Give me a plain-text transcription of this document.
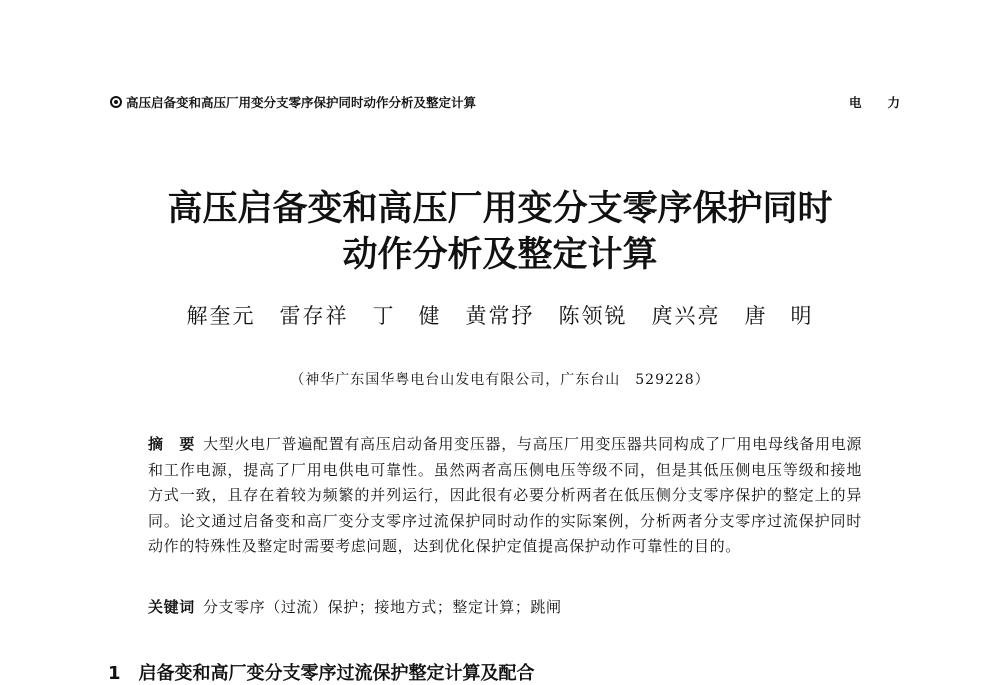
高压启备变和高压厂用变分支零序保护同时动作分析及整定计算	电力
高压启备变和高压厂用变分支零序保护同时
动作分析及整定计算
解奎元 雷存祥 丁　健 黄常抒 陈领锐 庹兴亮 唐　明
（神华广东国华粤电台山发电有限公司，广东台山　529228）
摘　要 大型火电厂普遍配置有高压启动备用变压器，与高压厂用变压器共同构成了厂用电母线备用电源和工作电源，提高了厂用电供电可靠性。虽然两者高压侧电压等级不同，但是其低压侧电压等级和接地方式一致，且存在着较为频繁的并列运行，因此很有必要分析两者在低压侧分支零序保护的整定上的异同。论文通过启备变和高厂变分支零序过流保护同时动作的实际案例，分析两者分支零序过流保护同时动作的特殊性及整定时需要考虑问题，达到优化保护定值提高保护动作可靠性的目的。
关键词 分支零序（过流）保护；接地方式；整定计算；跳闸
1 启备变和高厂变分支零序过流保护整定计算及配合
